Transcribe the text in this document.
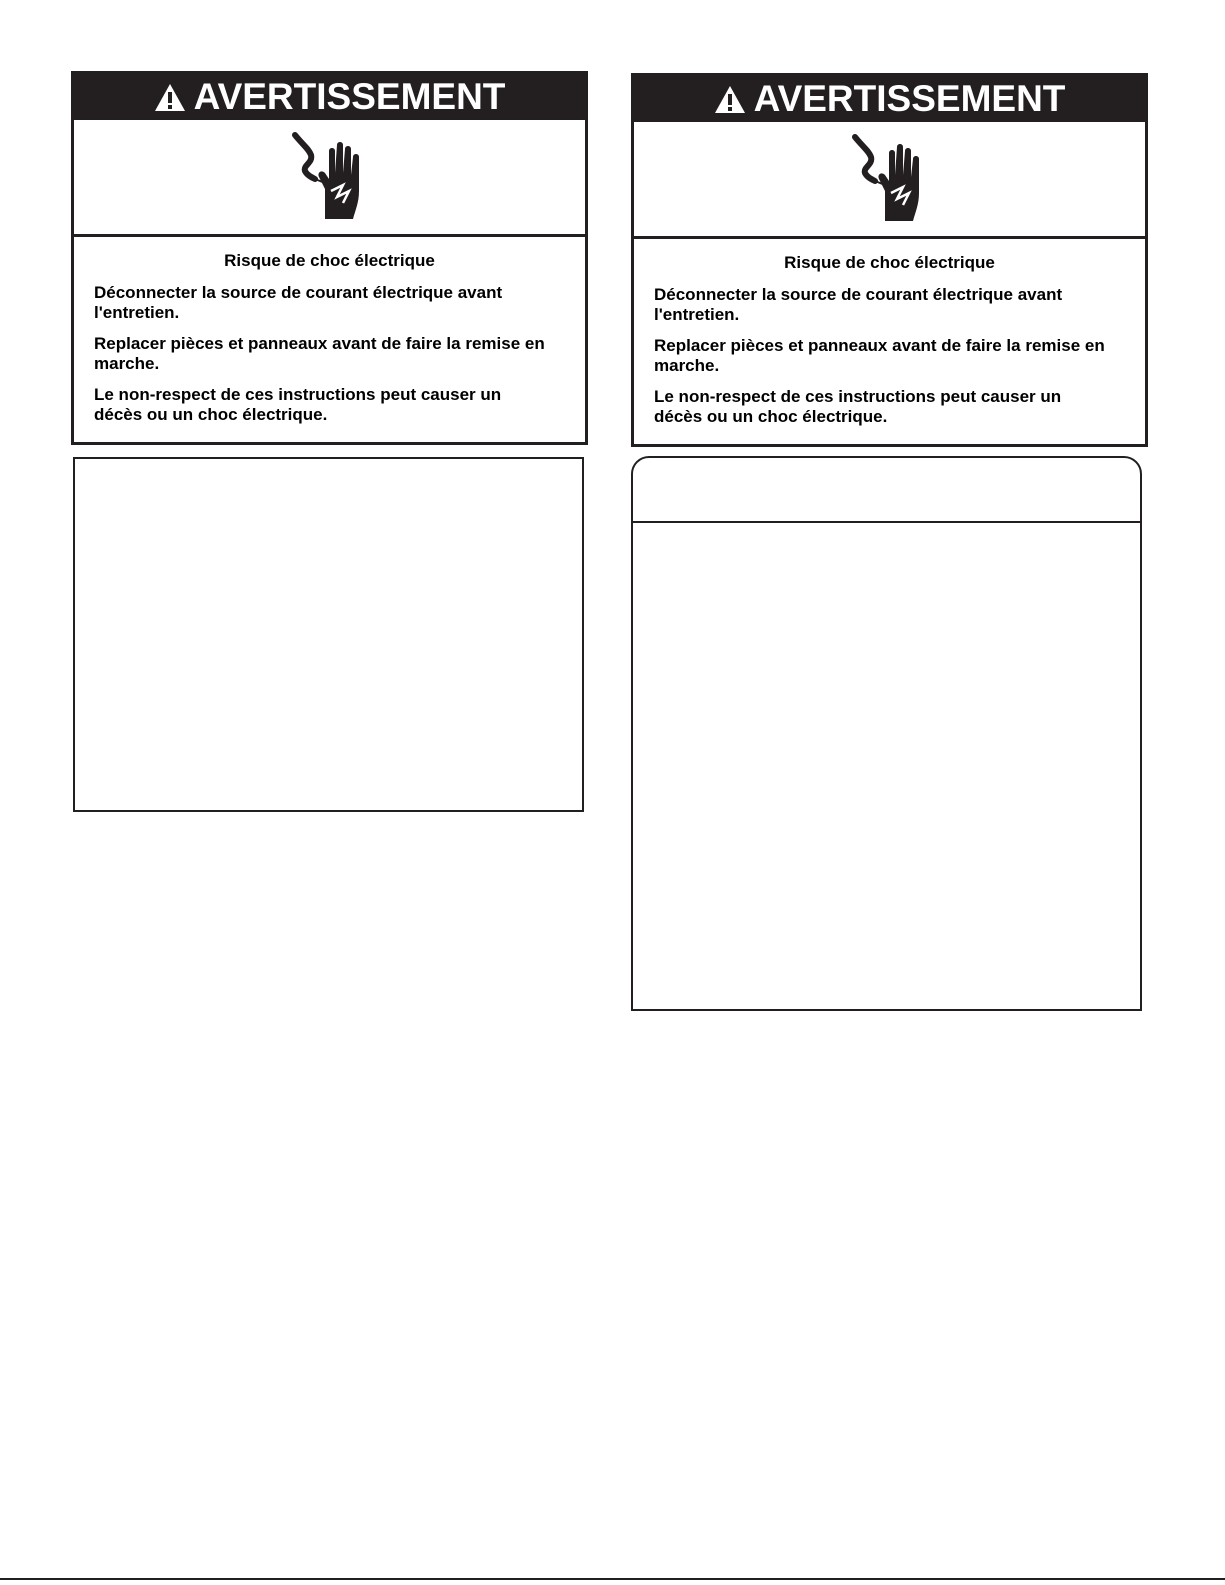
AVERTISSEMENT
Risque de choc électrique

Déconnecter la source de courant électrique avant l'entretien.

Replacer pièces et panneaux avant de faire la remise en marche.

Le non-respect de ces instructions peut causer un décès ou un choc électrique.

AVERTISSEMENT
Risque de choc électrique

Déconnecter la source de courant électrique avant l'entretien.

Replacer pièces et panneaux avant de faire la remise en marche.

Le non-respect de ces instructions peut causer un décès ou un choc électrique.
